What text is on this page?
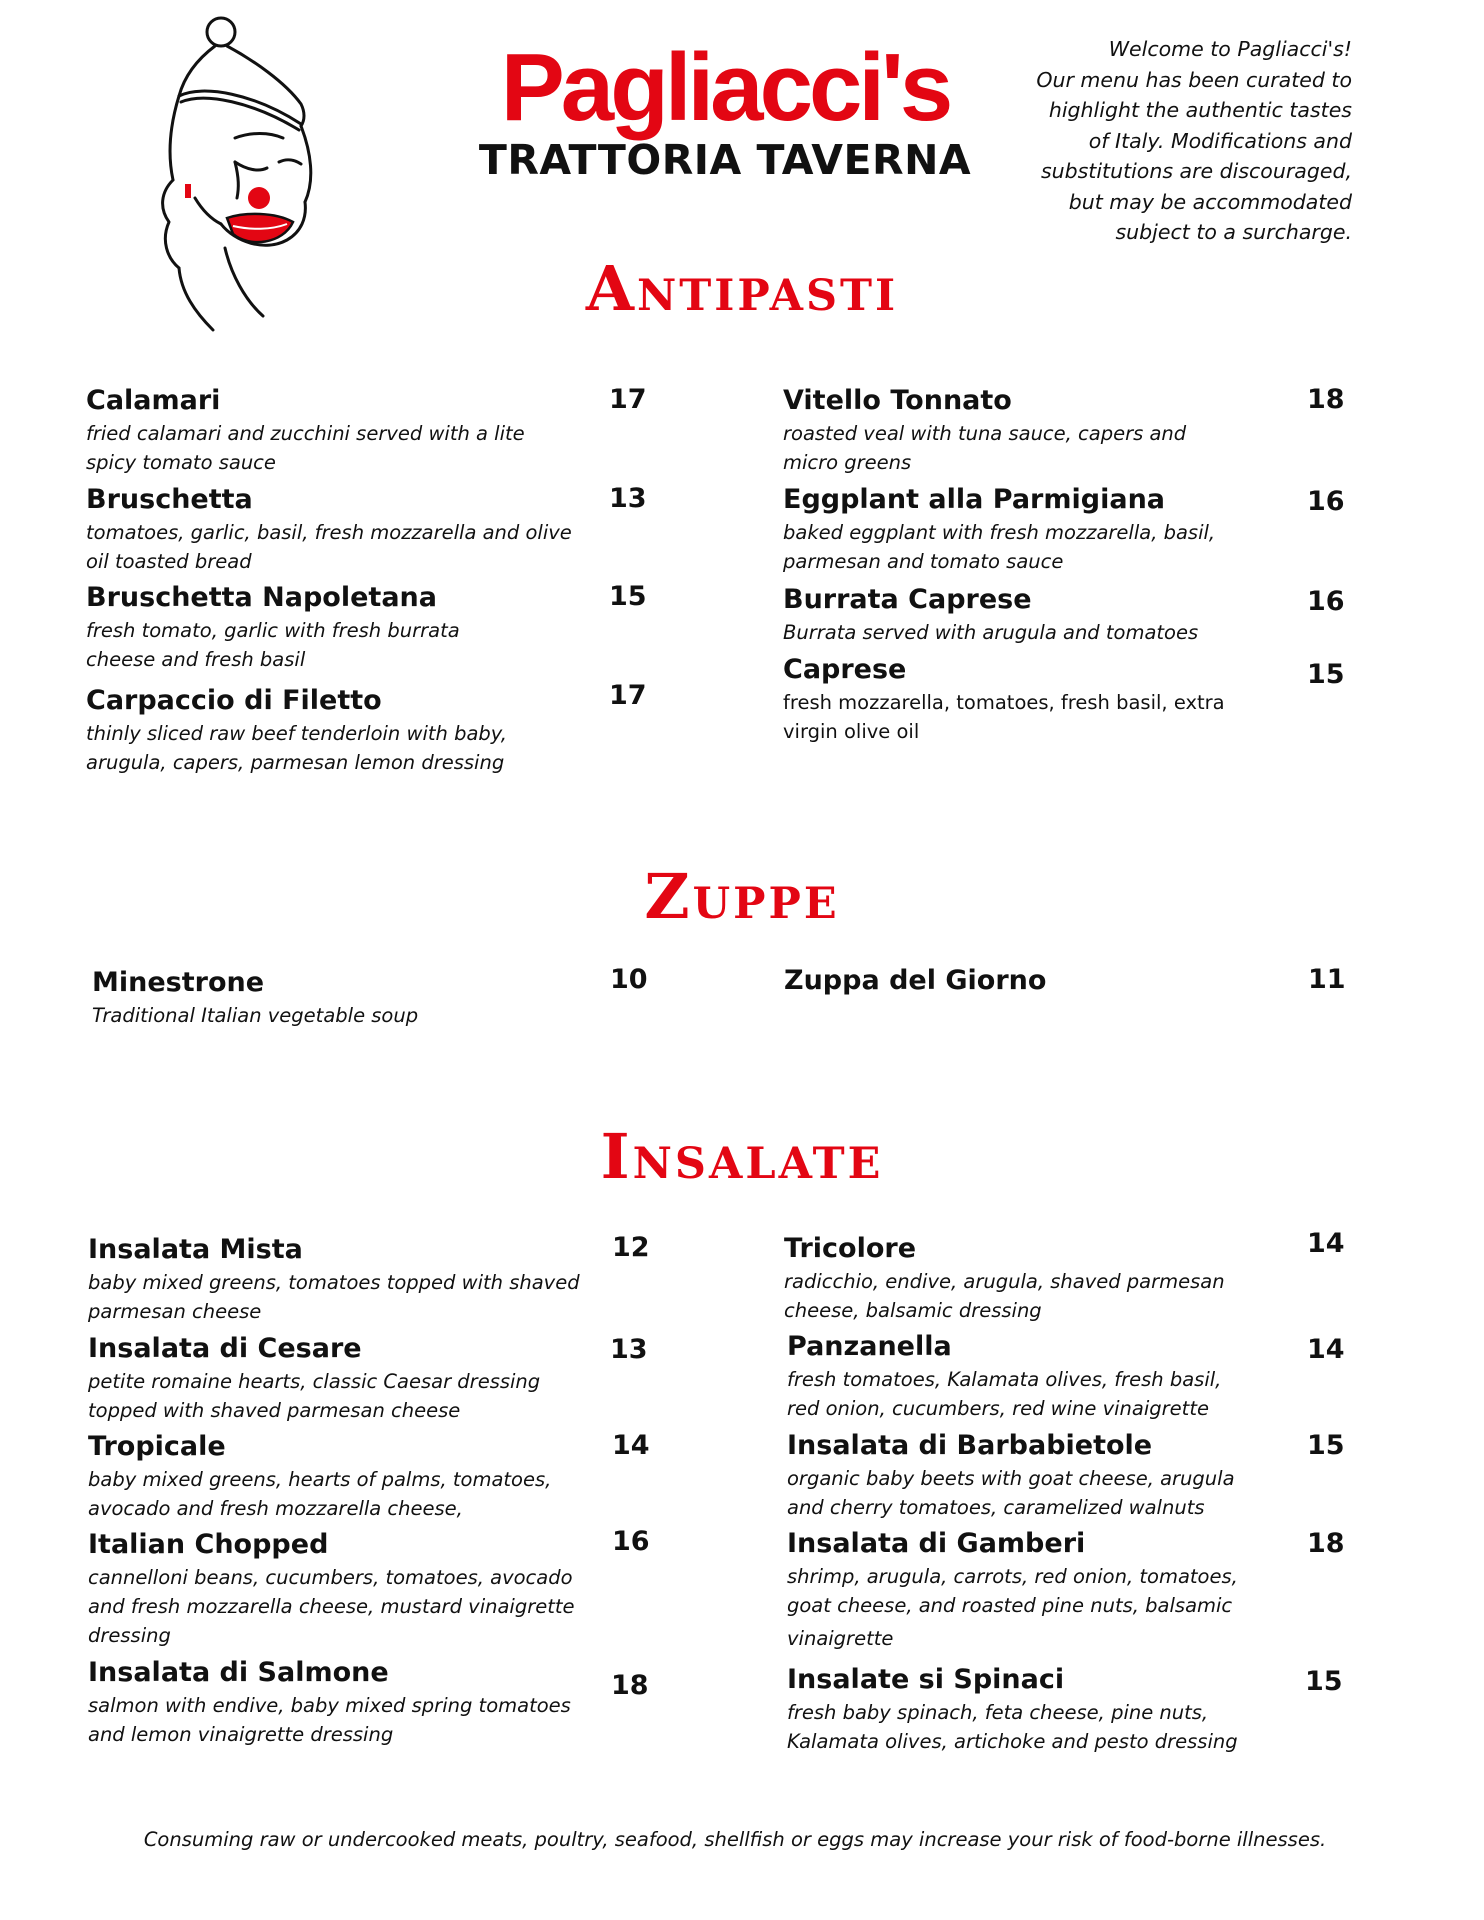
Pagliacci's
TRATTORIA TAVERNA
Welcome to Pagliacci's!
Our menu has been curated to
highlight the authentic tastes
of Italy. Modifications and
substitutions are discouraged,
but may be accommodated
subject to a surcharge.
Antipasti
Zuppe
Insalate
Calamari
fried calamari and zucchini served with a lite
spicy tomato sauce
17
Bruschetta
tomatoes, garlic, basil, fresh mozzarella and olive
oil toasted bread
13
Bruschetta Napoletana
fresh tomato, garlic with fresh burrata
cheese and fresh basil
15
Carpaccio di Filetto
thinly sliced raw beef tenderloin with baby,
arugula, capers, parmesan lemon dressing
17
Vitello Tonnato
roasted veal with tuna sauce, capers and
micro greens
18
Eggplant alla Parmigiana
baked eggplant with fresh mozzarella, basil,
parmesan and tomato sauce
16
Burrata Caprese
Burrata served with arugula and tomatoes
16
Caprese
fresh mozzarella, tomatoes, fresh basil, extra
virgin olive oil
15
Minestrone
Traditional Italian vegetable soup
10	Zuppa del Giorno	11
Insalata Mista
baby mixed greens, tomatoes topped with shaved
parmesan cheese
12
Insalata di Cesare
petite romaine hearts, classic Caesar dressing
topped with shaved parmesan cheese
13
Tropicale
baby mixed greens, hearts of palms, tomatoes,
avocado and fresh mozzarella cheese,
14
Italian Chopped
cannelloni beans, cucumbers, tomatoes, avocado
and fresh mozzarella cheese, mustard vinaigrette
dressing
16
Insalata di Salmone
salmon with endive, baby mixed spring tomatoes
and lemon vinaigrette dressing
18
Tricolore
radicchio, endive, arugula, shaved parmesan
cheese, balsamic dressing
14
Panzanella
fresh tomatoes, Kalamata olives, fresh basil,
red onion, cucumbers, red wine vinaigrette
14
Insalata di Barbabietole
organic baby beets with goat cheese, arugula
and cherry tomatoes, caramelized walnuts
15
Insalata di Gamberi
shrimp, arugula, carrots, red onion, tomatoes,
goat cheese, and roasted pine nuts, balsamic
vinaigrette
18
Insalate si Spinaci
fresh baby spinach, feta cheese, pine nuts,
Kalamata olives, artichoke and pesto dressing
15
Consuming raw or undercooked meats, poultry, seafood, shellfish or eggs may increase your risk of food-borne illnesses.
